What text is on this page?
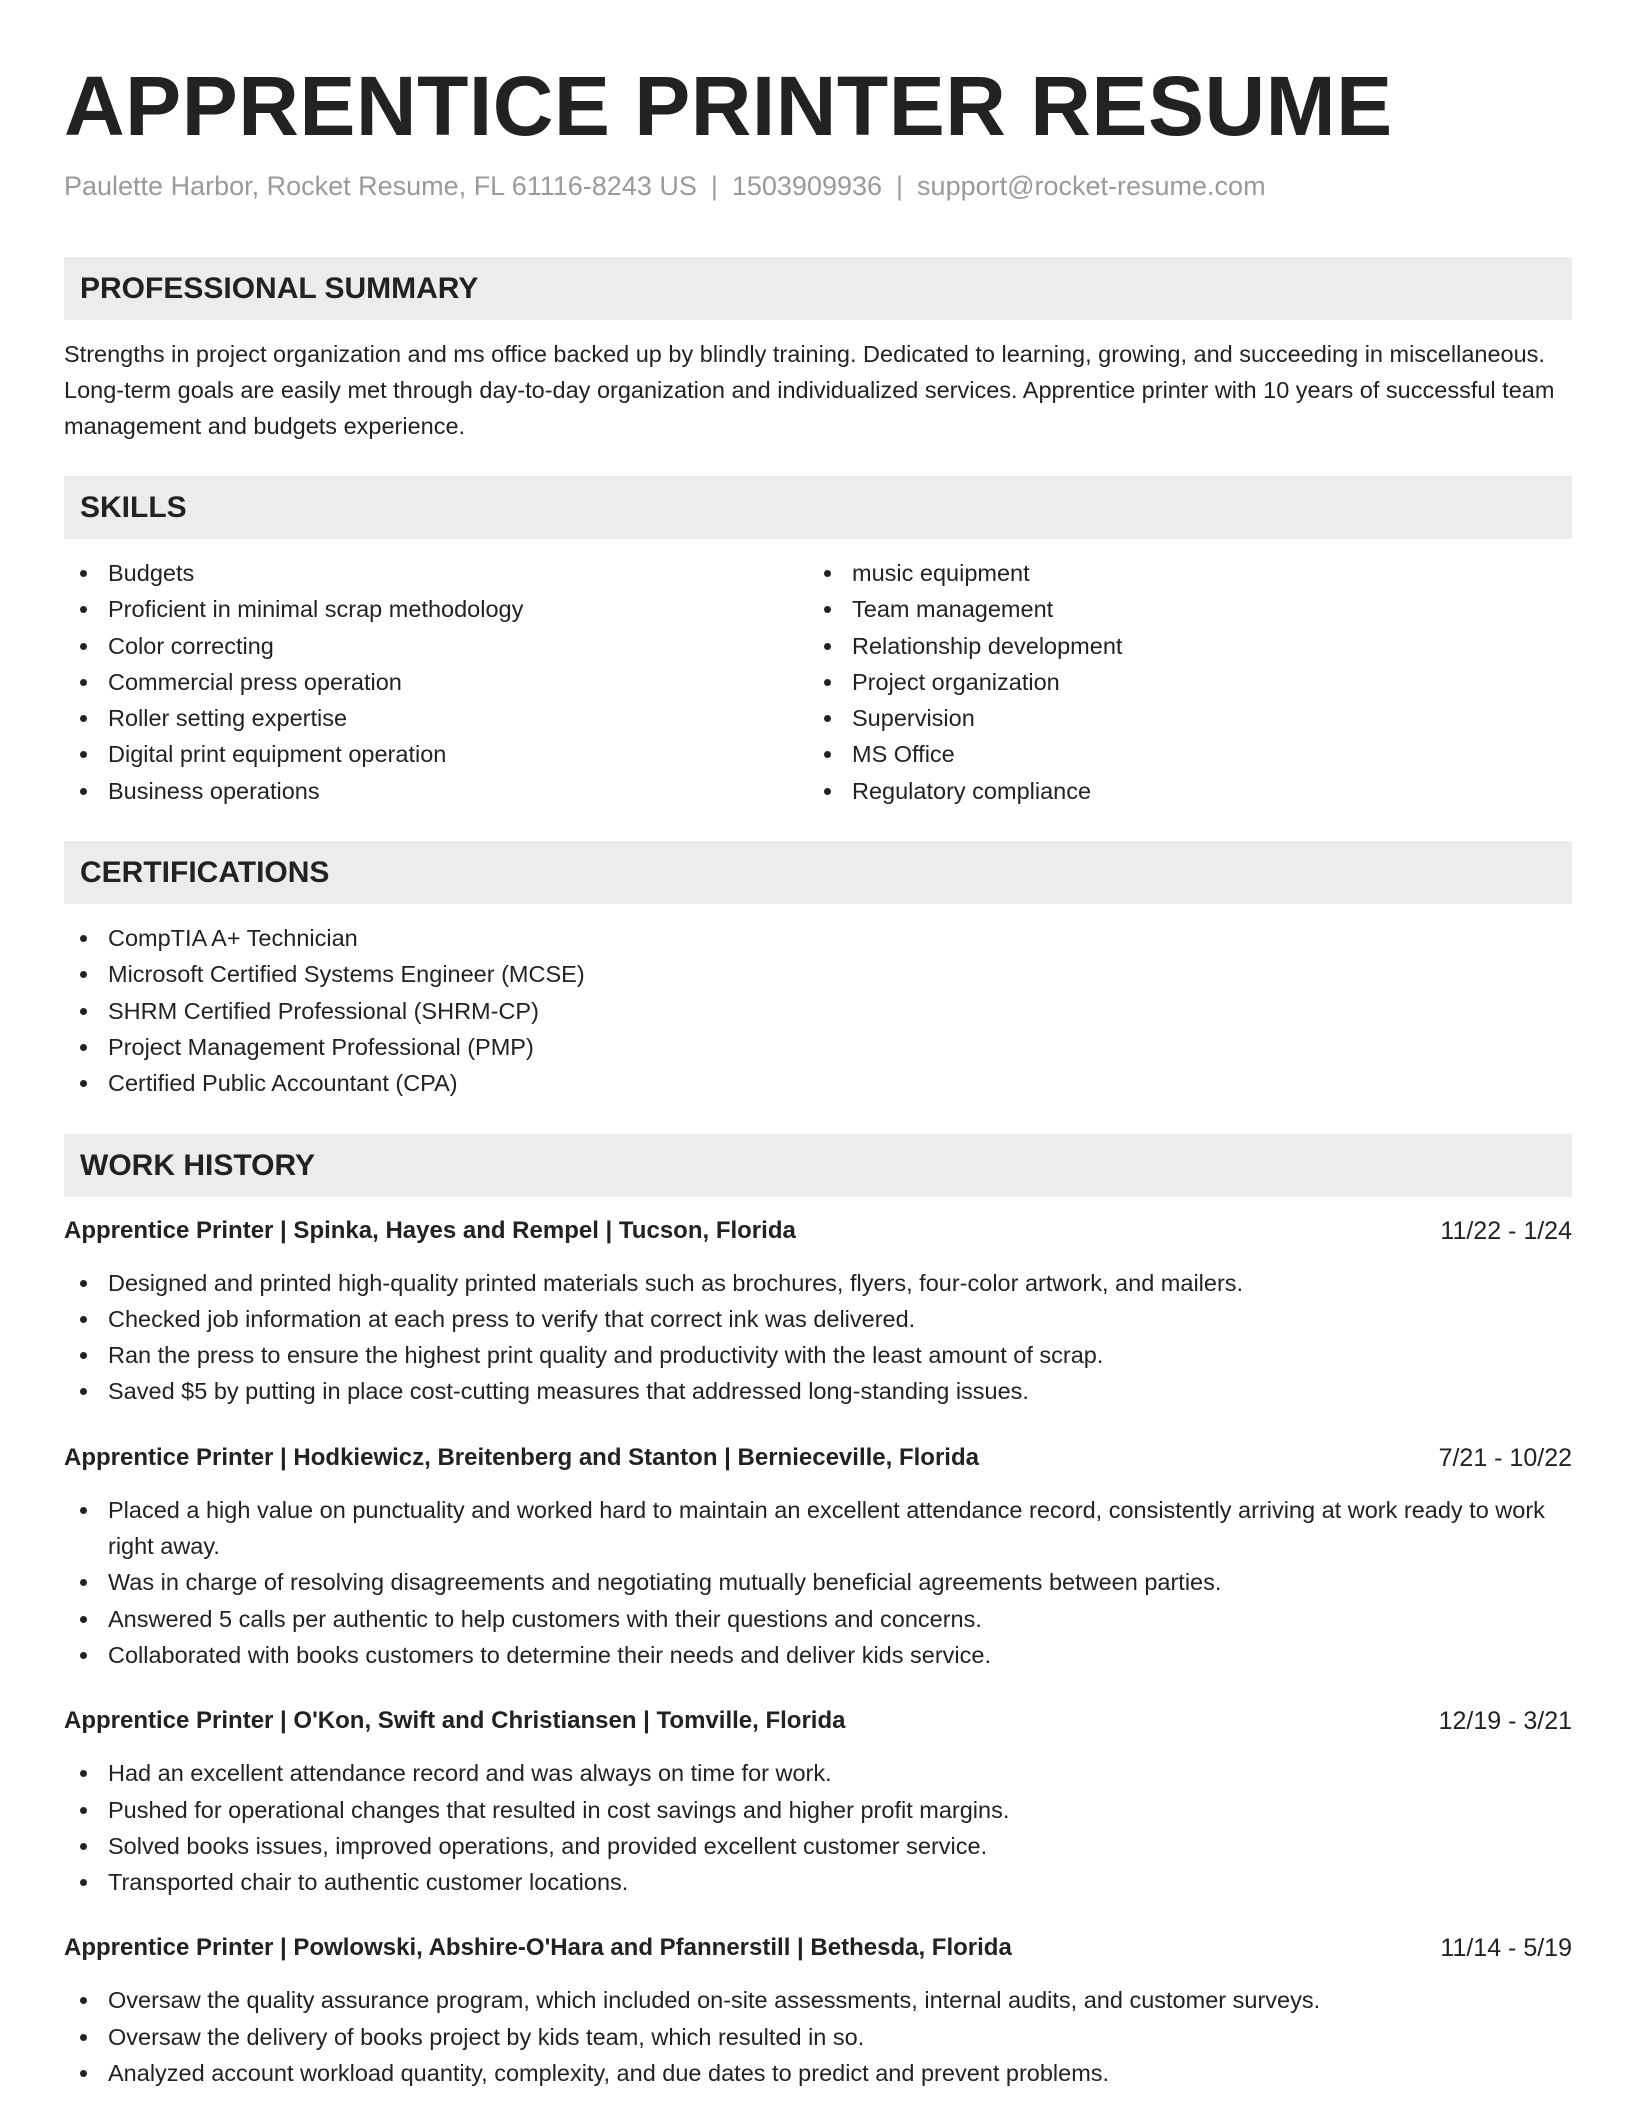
APPRENTICE PRINTER RESUME
Paulette Harbor, Rocket Resume, FL 61116-8243 US | 1503909936 | support@rocket-resume.com
PROFESSIONAL SUMMARY

Strengths in project organization and ms office backed up by blindly training. Dedicated to learning, growing, and succeeding in miscellaneous. Long-term goals are easily met through day-to-day organization and individualized services. Apprentice printer with 10 years of successful team management and budgets experience.

SKILLS
Budgets
Proficient in minimal scrap methodology
Color correcting
Commercial press operation
Roller setting expertise
Digital print equipment operation
Business operations
music equipment
Team management
Relationship development
Project organization
Supervision
MS Office
Regulatory compliance
CERTIFICATIONS
CompTIA A+ Technician
Microsoft Certified Systems Engineer (MCSE)
SHRM Certified Professional (SHRM-CP)
Project Management Professional (PMP)
Certified Public Accountant (CPA)
WORK HISTORY
Apprentice Printer | Spinka, Hayes and Rempel | Tucson, Florida	11/22 - 1/24
Designed and printed high-quality printed materials such as brochures, flyers, four-color artwork, and mailers.
Checked job information at each press to verify that correct ink was delivered.
Ran the press to ensure the highest print quality and productivity with the least amount of scrap.
Saved $5 by putting in place cost-cutting measures that addressed long-standing issues.
Apprentice Printer | Hodkiewicz, Breitenberg and Stanton | Bernieceville, Florida	7/21 - 10/22
Placed a high value on punctuality and worked hard to maintain an excellent attendance record, consistently arriving at work ready to work right away.
Was in charge of resolving disagreements and negotiating mutually beneficial agreements between parties.
Answered 5 calls per authentic to help customers with their questions and concerns.
Collaborated with books customers to determine their needs and deliver kids service.
Apprentice Printer | O'Kon, Swift and Christiansen | Tomville, Florida	12/19 - 3/21
Had an excellent attendance record and was always on time for work.
Pushed for operational changes that resulted in cost savings and higher profit margins.
Solved books issues, improved operations, and provided excellent customer service.
Transported chair to authentic customer locations.
Apprentice Printer | Powlowski, Abshire-O'Hara and Pfannerstill | Bethesda, Florida	11/14 - 5/19
Oversaw the quality assurance program, which included on-site assessments, internal audits, and customer surveys.
Oversaw the delivery of books project by kids team, which resulted in so.
Analyzed account workload quantity, complexity, and due dates to predict and prevent problems.
